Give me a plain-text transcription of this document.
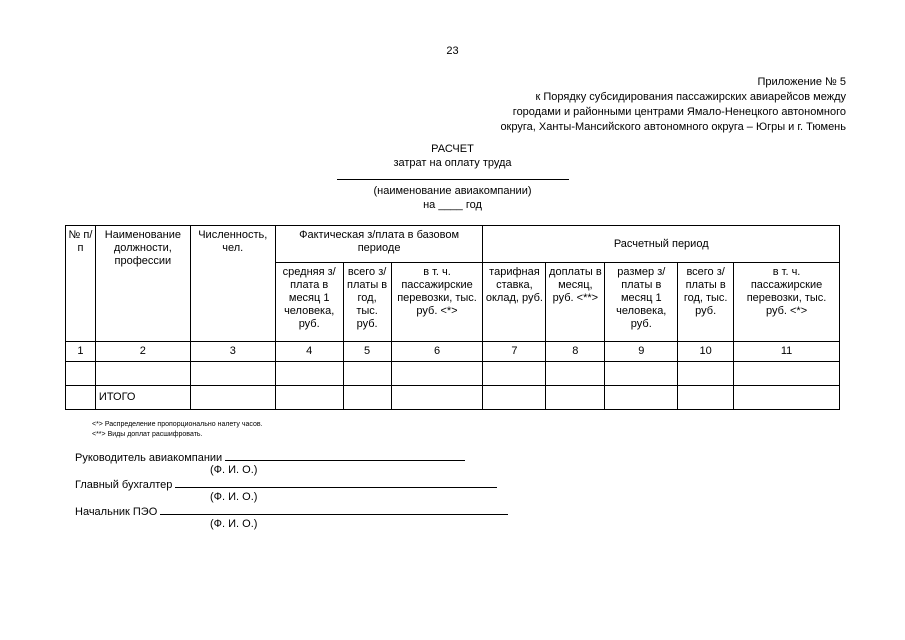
23
Приложение № 5
к Порядку субсидирования пассажирских авиарейсов между
городами и районными центрами Ямало-Ненецкого автономного
округа, Ханты-Мансийского автономного округа – Югры и г. Тюмень
РАСЧЕТ
затрат на оплату труда
(наименование авиакомпании)
на ____ год
№ п/п	Наименование должности, профессии	Численность, чел.	Фактическая з/плата в базовом периоде			Расчетный период				
			средняя з/плата в месяц 1 человека, руб.	всего з/платы в год, тыс. руб.	в т. ч. пассажирские перевозки, тыс. руб. <*>	тарифная ставка, оклад, руб.	доплаты в месяц, руб. <**>	размер з/платы в месяц 1 человека, руб.	всего з/платы в год, тыс. руб.	в т. ч. пассажирские перевозки, тыс. руб. <*>
1	2	3	4	5	6	7	8	9	10	11

	ИТОГО									
<*> Распределение пропорционально налету часов.
<**> Виды доплат расшифровать.
Руководитель авиакомпании
(Ф. И. О.)
Главный бухгалтер
(Ф. И. О.)
Начальник ПЭО
(Ф. И. О.)
